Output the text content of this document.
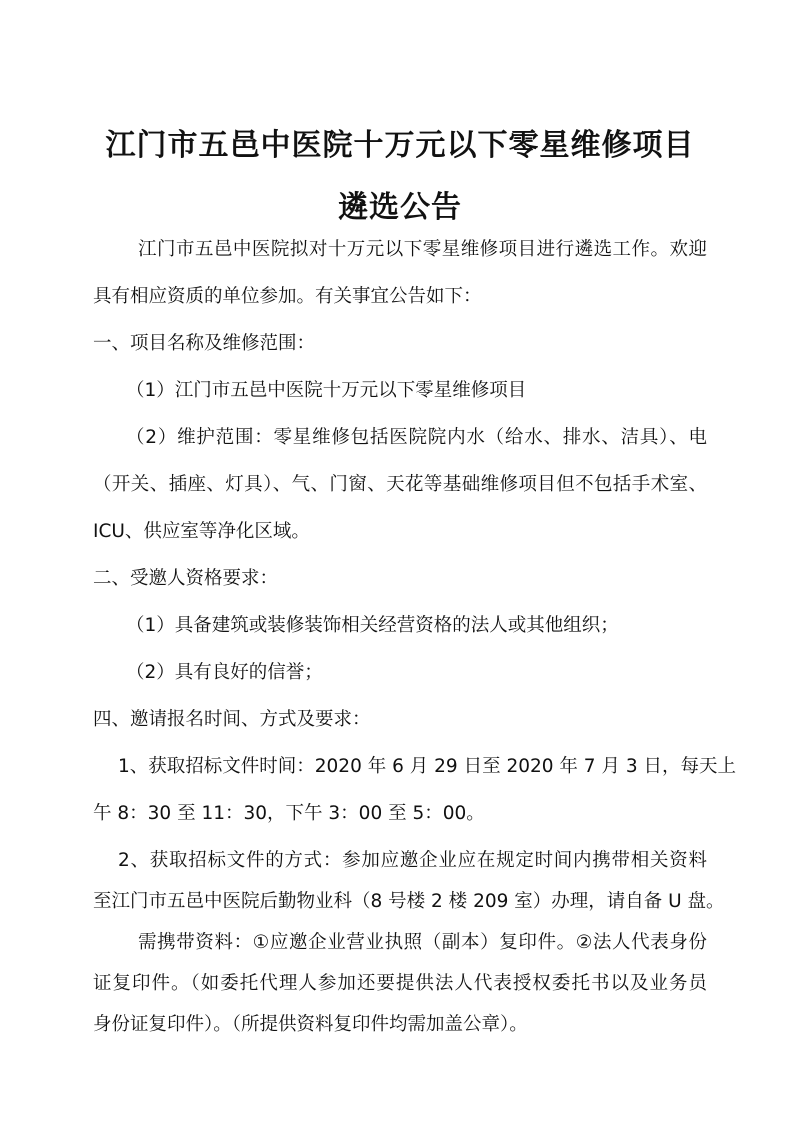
江门市五邑中医院十万元以下零星维修项目
遴选公告

江门市五邑中医院拟对十万元以下零星维修项目进行遴选工作。欢迎

具有相应资质的单位参加。有关事宜公告如下：

一、项目名称及维修范围：

（1）江门市五邑中医院十万元以下零星维修项目

（2）维护范围：零星维修包括医院院内水（给水、排水、洁具）、电

（开关、插座、灯具）、气、门窗、天花等基础维修项目但不包括手术室、

ICU、供应室等净化区域。

二、受邀人资格要求：

（1）具备建筑或装修装饰相关经营资格的法人或其他组织；

（2）具有良好的信誉；

四、邀请报名时间、方式及要求：

1、获取招标文件时间：2020 年 6 月 29 日至 2020 年 7 月 3 日，每天上

午 8：30 至 11：30，下午 3：00 至 5：00。

2、获取招标文件的方式：参加应邀企业应在规定时间内携带相关资料

至江门市五邑中医院后勤物业科（8 号楼 2 楼 209 室）办理，请自备 U 盘。

需携带资料：①应邀企业营业执照（副本）复印件。②法人代表身份

证复印件。（如委托代理人参加还要提供法人代表授权委托书以及业务员

身份证复印件）。（所提供资料复印件均需加盖公章）。
